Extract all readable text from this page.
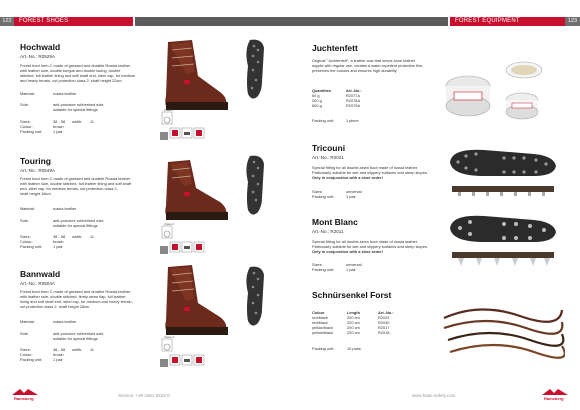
122	FOREST SHOES	FOREST EQUIPMENT	123
Hochwald
Art.-No.: R0529A
Forest boot form C made of greased and durable Russia leather
with leather sole, double tongue and double lacing, double
stitched, full leather lining and soft shaft end, steel cap, for medium
and heavy terrain, cut protection class 2, shaft height 22cm
Material:	russia leather
Sole:	anti-puncture rubberised sole,
suitable for special fittings
Sizes:	38 - 58 width: 11
Colour:	brown
Packing unit:	1 pair
Touring
Art.-No.: R0549A
Forest boot form C made of greased and durable Russia leather
with leather sole, double stitched, full leather lining and soft shaft
end, steel cap, for medium terrain, cut protection class 2,
shaft height 18cm
Material:	russia leather
Sole:	anti-puncture rubberised sole,
suitable for special fittings
Sizes:	38 - 58 width: 11
Colour:	brown
Packing unit:	1 pair
Bannwald
Art.-No.: R0504A
Forest boot form C made of greased and durable Russia leather
with leather sole, double stitched, firmly sewn flap, full leather
lining and soft shaft end, steel cap, for medium and heavy terrain,
cut protection class 2, shaft height 28cm
Material:	russia leather
Sole:	anti-puncture rubberised sole,
suitable for special fittings
Sizes:	38 - 58 width: 11
Colour:	brown
Packing unit:	1 pair
Class 2
Class 2
Class 2
Juchtenfett
Original "Juchtenfett", a leather wax that keeps shoe leather
supple with regular use, creates a water-repellent protective film,
preserves the colours and ensures high durability
Quantities	Art.-No.:
50 g	R2077A
200 g	R2078A
800 g	R2079A
Packing unit:	1 piece
Tricouni
Art.-No.: R2041
Special fitting for all double-sewn boot made of russia leather.
Particularly suitable for wet and slippery surfaces and steep slopes.
Only in conjunction with a shoe order!
Sizes:	universal
Packing unit:	1 pair
Mont Blanc
Art.-No.: R2011
Special fitting for all double-sewn boot made of russia leather.
Particularly suitable for wet and slippery surfaces and steep slopes.
Only in conjunction with a shoe order!
Sizes:	universal
Packing unit:	1 pair
Schnürsenkel Forst
Colour	Length	Art.-No.:
red/black	200 cm	R2029
red/black	220 cm	R2030
yellow/black	200 cm	R2017
yellow/black	220 cm	R2018
Packing unit:	10 pairs
Ramsberg
Service: +49 4461 9222-0	www.haas-safety.com
Ramsberg
